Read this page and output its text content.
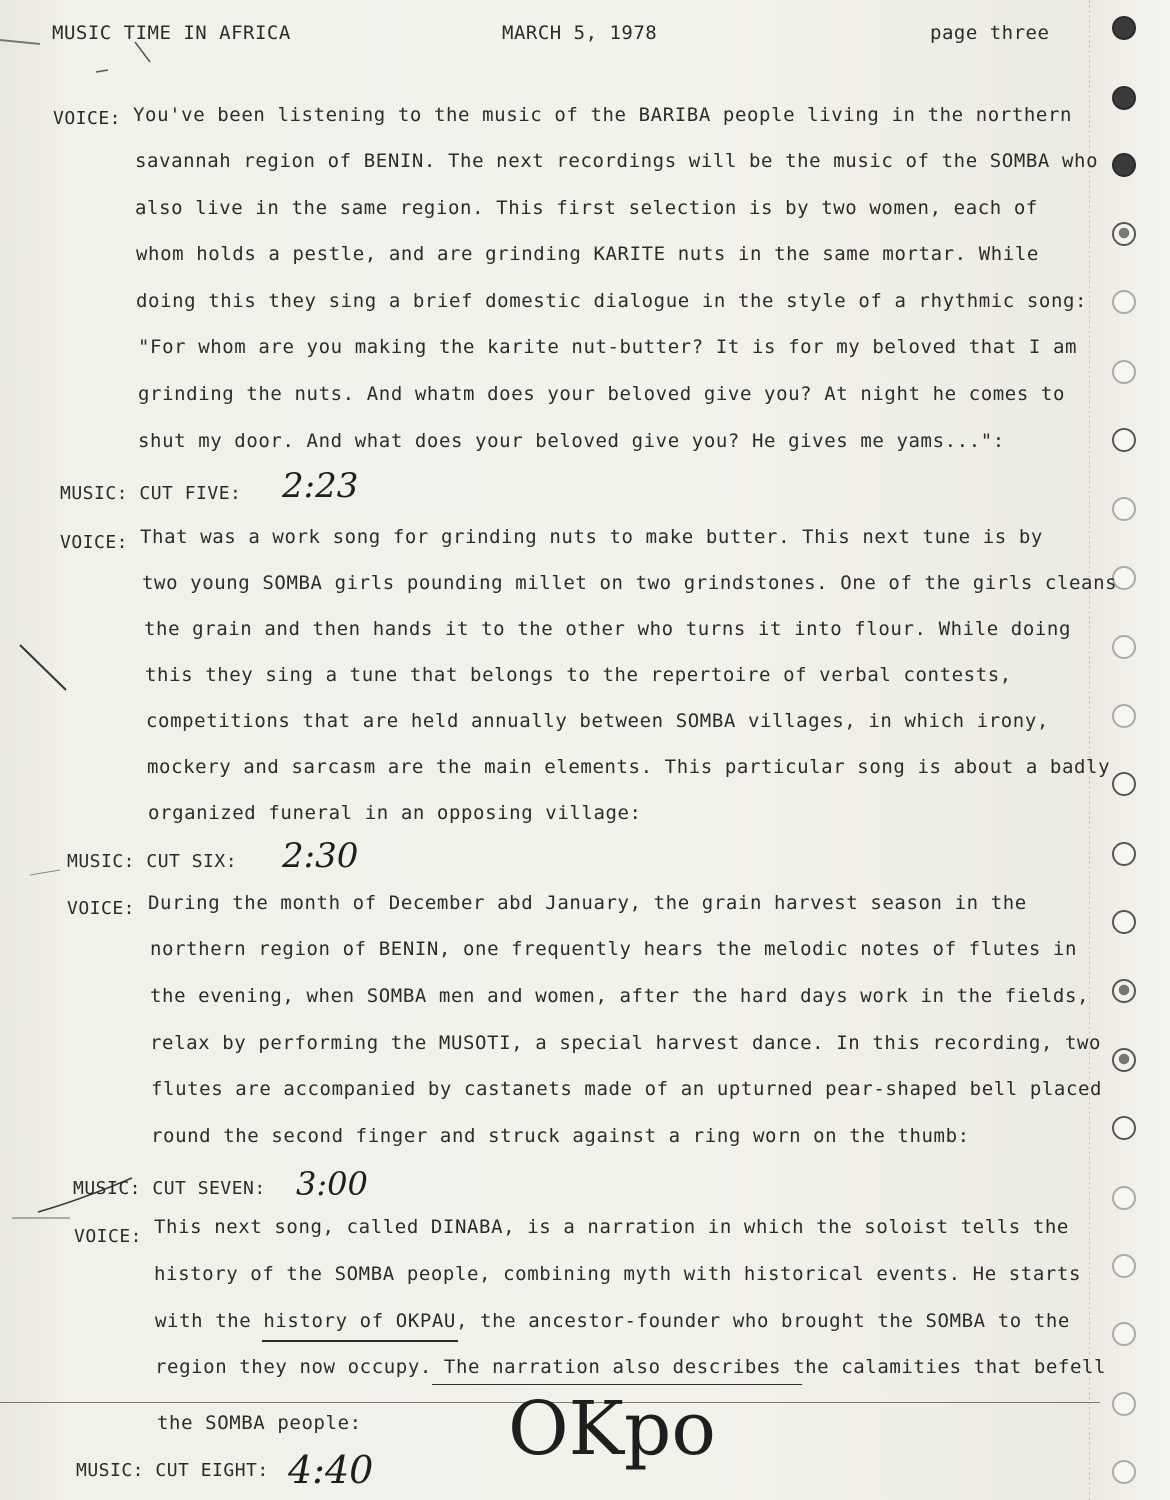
MUSIC TIME IN AFRICA	MARCH 5, 1978	page three
VOICE: You've been listening to the music of the BARIBA people living in the northern
savannah region of BENIN. The next recordings will be the music of the SOMBA who
also live in the same region. This first selection is by two women, each of
whom holds a pestle, and are grinding KARITE nuts in the same mortar. While
doing this they sing a brief domestic dialogue in the style of a rhythmic song:
"For whom are you making the karite nut-butter? It is for my beloved that I am
grinding the nuts. And whatm does your beloved give you? At night he comes to
shut my door. And what does your beloved give you? He gives me yams...":
MUSIC: CUT FIVE: 2:23
VOICE: That was a work song for grinding nuts to make butter. This next tune is by
two young SOMBA girls pounding millet on two grindstones. One of the girls cleans
the grain and then hands it to the other who turns it into flour. While doing
this they sing a tune that belongs to the repertoire of verbal contests,
competitions that are held annually between SOMBA villages, in which irony,
mockery and sarcasm are the main elements. This particular song is about a badly
organized funeral in an opposing village:
MUSIC: CUT SIX: 2:30
VOICE: During the month of December abd January, the grain harvest season in the
northern region of BENIN, one frequently hears the melodic notes of flutes in
the evening, when SOMBA men and women, after the hard days work in the fields,
relax by performing the MUSOTI, a special harvest dance. In this recording, two
flutes are accompanied by castanets made of an upturned pear-shaped bell placed
round the second finger and struck against a ring worn on the thumb:
MUSIC: CUT SEVEN: 3:00
VOICE: This next song, called DINABA, is a narration in which the soloist tells the
history of the SOMBA people, combining myth with historical events. He starts
with the history of OKPAU, the ancestor-founder who brought the SOMBA to the
region they now occupy. The narration also describes the calamities that befell
the SOMBA people:
MUSIC: CUT EIGHT: 4:40 OKpo
